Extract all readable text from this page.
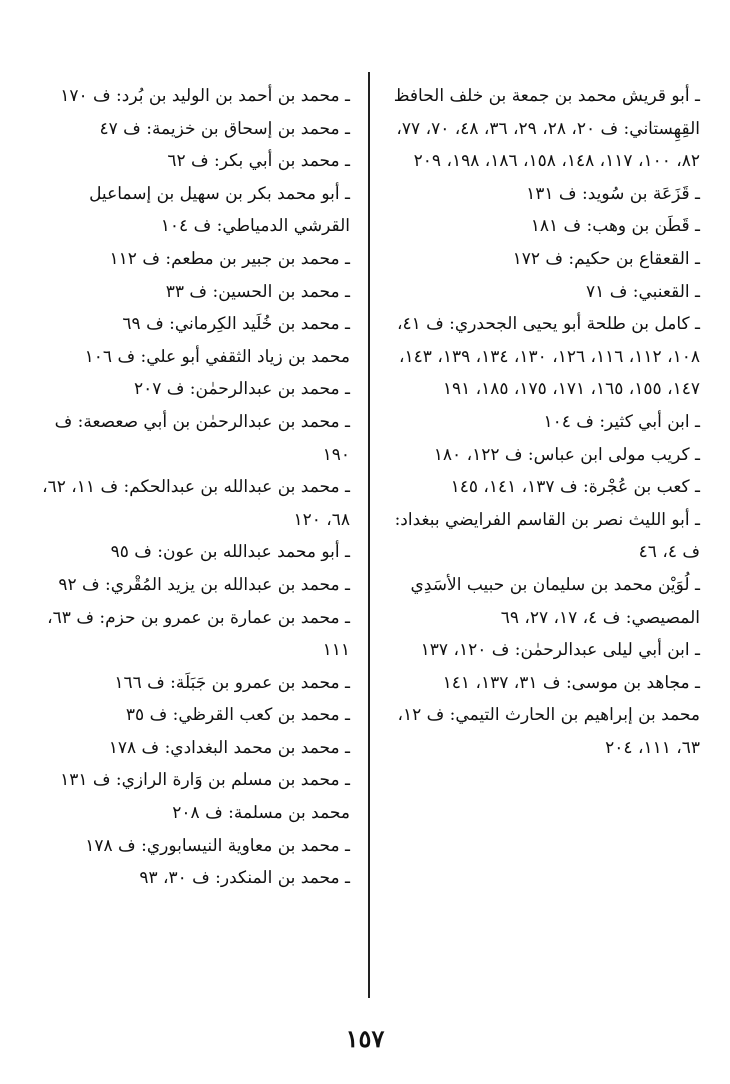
ـ أبو قريش محمد بن جمعة بن خلف الحافظ القِهِستاني: ف ٢٠، ٢٨، ٢٩، ٣٦، ٤٨، ٧٠، ٧٧، ٨٢، ١٠٠، ١١٧، ١٤٨، ١٥٨، ١٨٦، ١٩٨، ٢٠٩

ـ قَزَعَة بن سُويد: ف ١٣١

ـ قَطَن بن وهب: ف ١٨١

ـ القعقاع بن حكيم: ف ١٧٢

ـ القعنبي: ف ٧١

ـ كامل بن طلحة أبو يحيى الجحدري: ف ٤١، ١٠٨، ١١٢، ١١٦، ١٢٦، ١٣٠، ١٣٤، ١٣٩، ١٤٣، ١٤٧، ١٥٥، ١٦٥، ١٧١، ١٧٥، ١٨٥، ١٩١

ـ ابن أبي كثير: ف ١٠٤

ـ كريب مولى ابن عباس: ف ١٢٢، ١٨٠

ـ كعب بن عُجْرة: ف ١٣٧، ١٤١، ١٤٥

ـ أبو الليث نصر بن القاسم الفرايضي ببغداد: ف ٤، ٤٦

ـ لُوَيْن محمد بن سليمان بن حبيب الأسَدِي المصيصي: ف ٤، ١٧، ٢٧، ٦٩

ـ ابن أبي ليلى عبدالرحمٰن: ف ١٢٠، ١٣٧

ـ مجاهد بن موسى: ف ٣١، ١٣٧، ١٤١

محمد بن إبراهيم بن الحارث التيمي: ف ١٢، ٦٣، ١١١، ٢٠٤

ـ محمد بن أحمد بن الوليد بن بُرد: ف ١٧٠

ـ محمد بن إسحاق بن خزيمة: ف ٤٧

ـ محمد بن أبي بكر: ف ٦٢

ـ أبو محمد بكر بن سهيل بن إسماعيل القرشي الدمياطي: ف ١٠٤

ـ محمد بن جبير بن مطعم: ف ١١٢

ـ محمد بن الحسين: ف ٣٣

ـ محمد بن خُلَيد الكِرماني: ف ٦٩

محمد بن زياد الثقفي أبو علي: ف ١٠٦

ـ محمد بن عبدالرحمٰن: ف ٢٠٧

ـ محمد بن عبدالرحمٰن بن أبي صعصعة: ف ١٩٠

ـ محمد بن عبدالله بن عبدالحكم: ف ١١، ٦٢، ٦٨، ١٢٠

ـ أبو محمد عبدالله بن عون: ف ٩٥

ـ محمد بن عبدالله بن يزيد المُقْري: ف ٩٢

ـ محمد بن عمارة بن عمرو بن حزم: ف ٦٣، ١١١

ـ محمد بن عمرو بن جَبَلَة: ف ١٦٦

ـ محمد بن كعب القرظي: ف ٣٥

ـ محمد بن محمد البغدادي: ف ١٧٨

ـ محمد بن مسلم بن وَارة الرازي: ف ١٣١

محمد بن مسلمة: ف ٢٠٨

ـ محمد بن معاوية النيسابوري: ف ١٧٨

ـ محمد بن المنكدر: ف ٣٠، ٩٣

١٥٧
